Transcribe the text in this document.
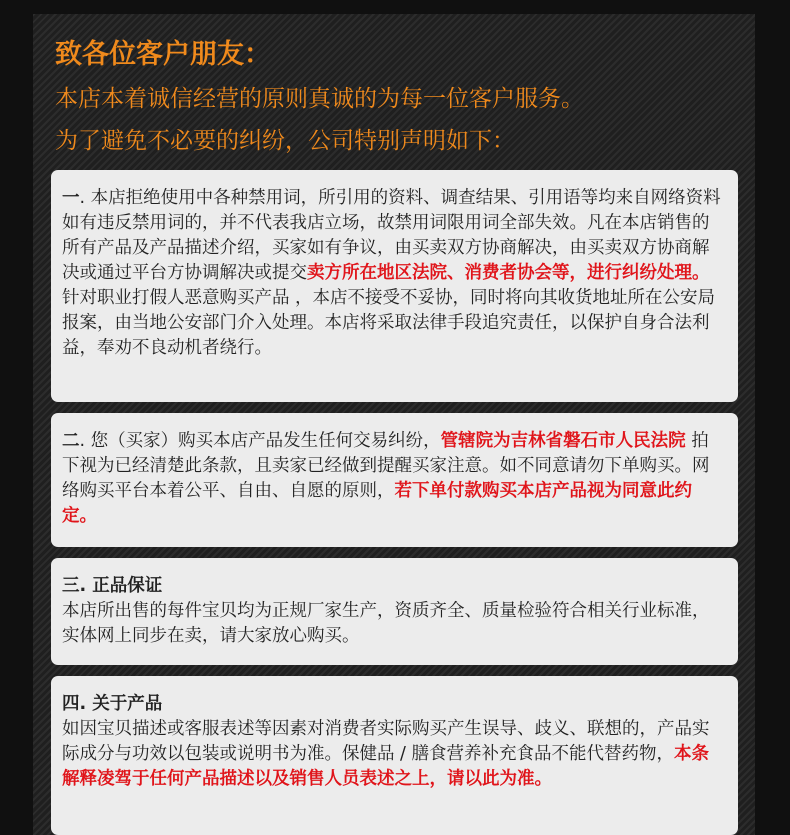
致各位客户朋友：
本店本着诚信经营的原则真诚的为每一位客户服务。
为了避免不必要的纠纷，公司特别声明如下：
一. 本店拒绝使用中各种禁用词，所引用的资料、调查结果、引用语等均来自网络资料如有违反禁用词的，并不代表我店立场，故禁用词限用词全部失效。凡在本店销售的所有产品及产品描述介绍，买家如有争议，由买卖双方协商解决，由买卖双方协商解决或通过平台方协调解决或提交卖方所在地区法院、消费者协会等，进行纠纷处理。针对职业打假人恶意购买产品 ，本店不接受不妥协，同时将向其收货地址所在公安局报案，由当地公安部门介入处理。本店将采取法律手段追究责任，以保护自身合法利益，奉劝不良动机者绕行。
二. 您（买家）购买本店产品发生任何交易纠纷，管辖院为吉林省磐石市人民法院 拍下视为已经清楚此条款，且卖家已经做到提醒买家注意。如不同意请勿下单购买。网络购买平台本着公平、自由、自愿的原则，若下单付款购买本店产品视为同意此约定。
三. 正品保证
本店所出售的每件宝贝均为正规厂家生产，资质齐全、质量检验符合相关行业标准，实体网上同步在卖，请大家放心购买。
四. 关于产品
如因宝贝描述或客服表述等因素对消费者实际购买产生误导、歧义、联想的，产品实际成分与功效以包装或说明书为准。保健品 / 膳食营养补充食品不能代替药物，本条解释凌驾于任何产品描述以及销售人员表述之上，请以此为准。
